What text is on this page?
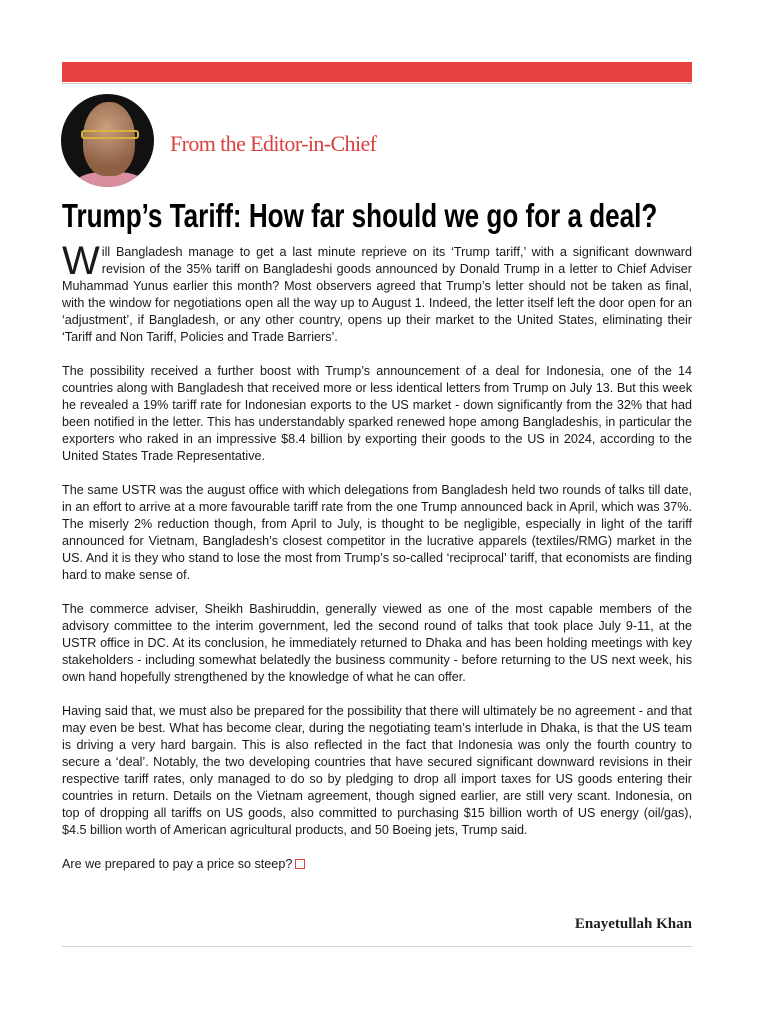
From the Editor-in-Chief
Trump’s Tariff: How far should we go for a deal?

Will Bangladesh manage to get a last minute reprieve on its ‘Trump tariff,’ with a significant downward revision of the 35% tariff on Bangladeshi goods announced by Donald Trump in a letter to Chief Adviser Muhammad Yunus earlier this month? Most observers agreed that Trump’s letter should not be taken as final, with the window for negotiations open all the way up to August 1. Indeed, the letter itself left the door open for an ‘adjustment’, if Bangladesh, or any other country, opens up their market to the United States, eliminating their ‘Tariff and Non Tariff, Policies and Trade Barriers’.

The possibility received a further boost with Trump’s announcement of a deal for Indonesia, one of the 14 countries along with Bangladesh that received more or less identical letters from Trump on July 13. But this week he revealed a 19% tariff rate for Indonesian exports to the US market - down significantly from the 32% that had been notified in the letter. This has understandably sparked renewed hope among Bangladeshis, in particular the exporters who raked in an impressive $8.4 billion by exporting their goods to the US in 2024, according to the United States Trade Representative.

The same USTR was the august office with which delegations from Bangladesh held two rounds of talks till date, in an effort to arrive at a more favourable tariff rate from the one Trump announced back in April, which was 37%. The miserly 2% reduction though, from April to July, is thought to be negligible, especially in light of the tariff announced for Vietnam, Bangladesh’s closest competitor in the lucrative apparels (textiles/RMG) market in the US. And it is they who stand to lose the most from Trump’s so-called ‘reciprocal’ tariff, that economists are finding hard to make sense of.

The commerce adviser, Sheikh Bashiruddin, generally viewed as one of the most capable members of the advisory committee to the interim government, led the second round of talks that took place July 9-11, at the USTR office in DC. At its conclusion, he immediately returned to Dhaka and has been holding meetings with key stakeholders - including somewhat belatedly the business community - before returning to the US next week, his own hand hopefully strengthened by the knowledge of what he can offer.

Having said that, we must also be prepared for the possibility that there will ultimately be no agreement - and that may even be best. What has become clear, during the negotiating team’s interlude in Dhaka, is that the US team is driving a very hard bargain. This is also reflected in the fact that Indonesia was only the fourth country to secure a ‘deal’. Notably, the two developing countries that have secured significant downward revisions in their respective tariff rates, only managed to do so by pledging to drop all import taxes for US goods entering their countries in return. Details on the Vietnam agreement, though signed earlier, are still very scant. Indonesia, on top of dropping all tariffs on US goods, also committed to purchasing $15 billion worth of US energy (oil/gas), $4.5 billion worth of American agricultural products, and 50 Boeing jets, Trump said.

Are we prepared to pay a price so steep?

Enayetullah Khan
